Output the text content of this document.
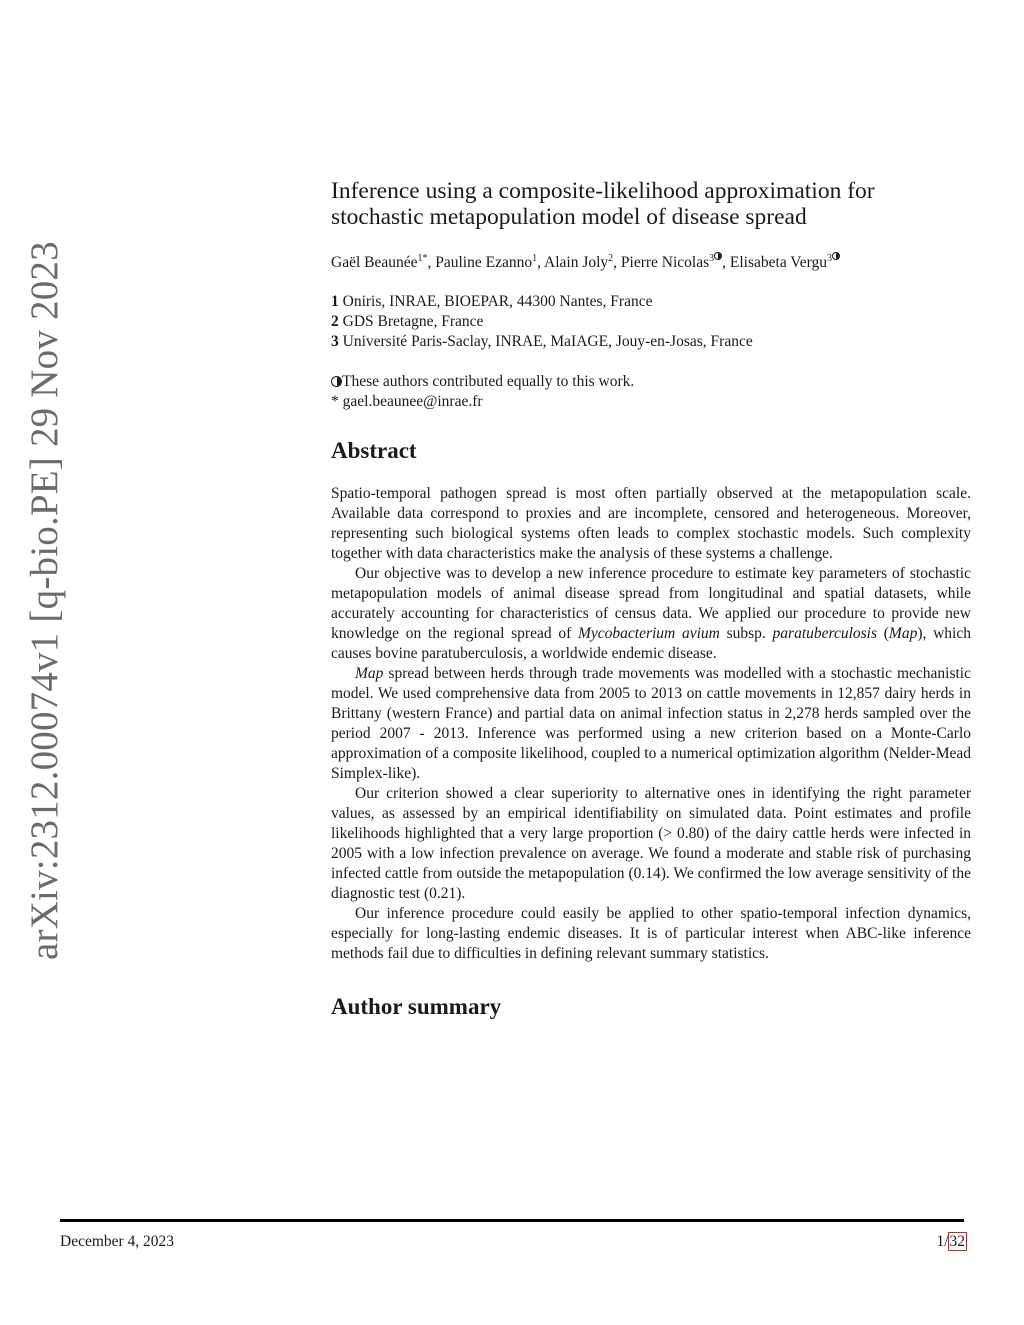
arXiv:2312.00074v1 [q-bio.PE] 29 Nov 2023
Inference using a composite-likelihood approximation for stochastic metapopulation model of disease spread
Gaël Beaunée$^{1*}$, Pauline Ezanno$^1$, Alain Joly$^2$, Pierre Nicolas$^3$ , Elisabeta Vergu$^3$
1 Oniris, INRAE, BIOEPAR, 44300 Nantes, France
2 GDS Bretagne, France
3 Université Paris-Saclay, INRAE, MaIAGE, Jouy-en-Josas, France
These authors contributed equally to this work.
* gael.beaunee@inrae.fr
Abstract

Spatio-temporal pathogen spread is most often partially observed at the metapopulation scale. Available data correspond to proxies and are incomplete, censored and heterogeneous. Moreover, representing such biological systems often leads to complex stochastic models. Such complexity together with data characteristics make the analysis of these systems a challenge.

Our objective was to develop a new inference procedure to estimate key parameters of stochastic metapopulation models of animal disease spread from longitudinal and spatial datasets, while accurately accounting for characteristics of census data. We applied our procedure to provide new knowledge on the regional spread of Mycobacterium avium subsp. paratuberculosis (Map), which causes bovine paratuberculosis, a worldwide endemic disease.

Map spread between herds through trade movements was modelled with a stochastic mechanistic model. We used comprehensive data from 2005 to 2013 on cattle movements in 12,857 dairy herds in Brittany (western France) and partial data on animal infection status in 2,278 herds sampled over the period 2007 - 2013. Inference was performed using a new criterion based on a Monte-Carlo approximation of a composite likelihood, coupled to a numerical optimization algorithm (Nelder-Mead Simplex-like).

Our criterion showed a clear superiority to alternative ones in identifying the right parameter values, as assessed by an empirical identifiability on simulated data. Point estimates and profile likelihoods highlighted that a very large proportion (> 0.80) of the dairy cattle herds were infected in 2005 with a low infection prevalence on average. We found a moderate and stable risk of purchasing infected cattle from outside the metapopulation (0.14). We confirmed the low average sensitivity of the diagnostic test (0.21).

Our inference procedure could easily be applied to other spatio-temporal infection dynamics, especially for long-lasting endemic diseases. It is of particular interest when ABC-like inference methods fail due to difficulties in defining relevant summary statistics.

Author summary
December 4, 2023	1/32
